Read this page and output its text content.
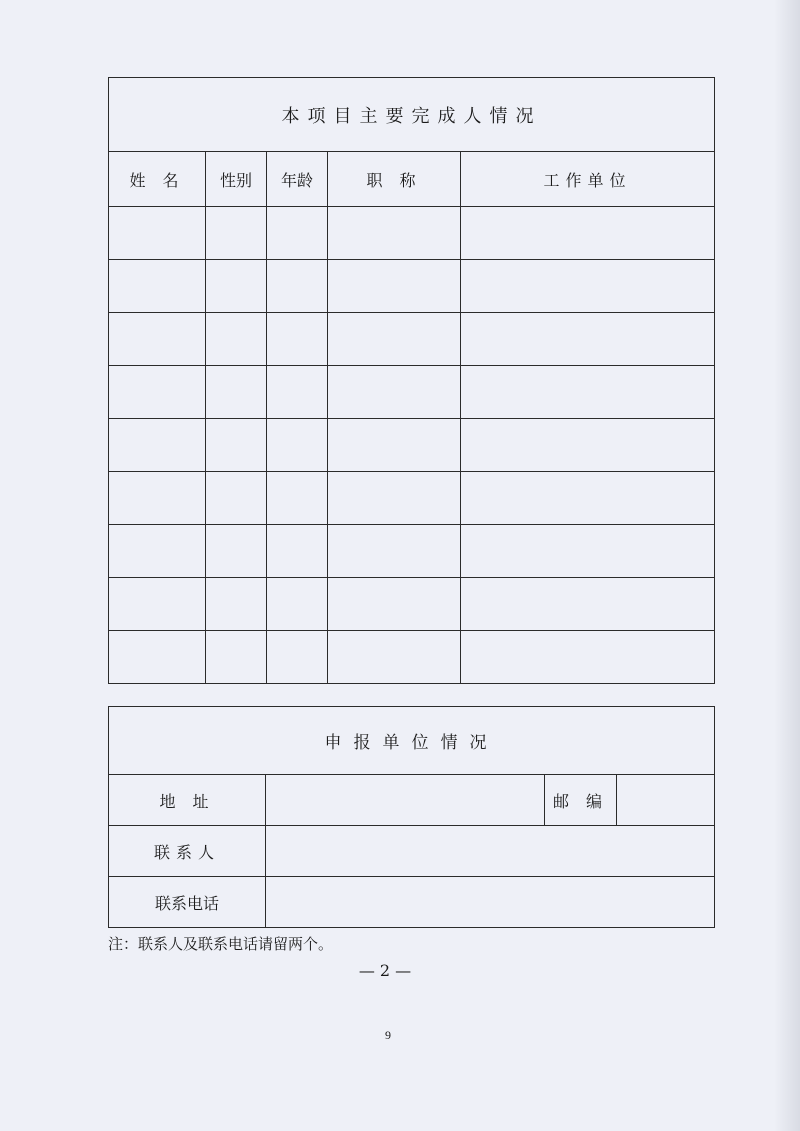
本项目主要完成人情况				
姓 名	性别	年龄	职 称	工作单位

申报单位情况			
地 址		邮 编	
联系人			
联系电话			
注：联系人及联系电话请留两个。
— 2 —
9
